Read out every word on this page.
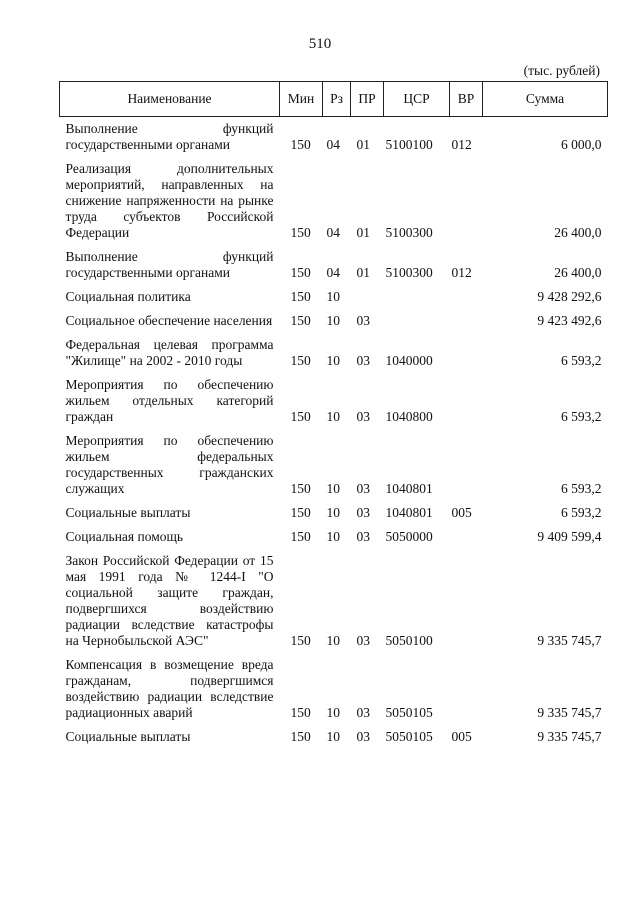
510
(тыс. рублей)
Наименование	Мин	Рз	ПР	ЦСР	ВР	Сумма
Выполнение функций государственными органами	150	04	01	5100100	012	6 000,0
Реализация дополнительных мероприятий, направленных на снижение напряженности на рынке труда субъектов Российской Федерации	150	04	01	5100300		26 400,0
Выполнение функций государственными органами	150	04	01	5100300	012	26 400,0
Социальная политика	150	10				9 428 292,6
Социальное обеспечение населения	150	10	03			9 423 492,6
Федеральная целевая программа "Жилище" на 2002 - 2010 годы	150	10	03	1040000		6 593,2
Мероприятия по обеспечению жильем отдельных категорий граждан	150	10	03	1040800		6 593,2
Мероприятия по обеспечению жильем федеральных государственных гражданских служащих	150	10	03	1040801		6 593,2
Социальные выплаты	150	10	03	1040801	005	6 593,2
Социальная помощь	150	10	03	5050000		9 409 599,4
Закон Российской Федерации от 15 мая 1991 года № 1244-I "О социальной защите граждан, подвергшихся воздействию радиации вследствие катастрофы на Чернобыльской АЭС"	150	10	03	5050100		9 335 745,7
Компенсация в возмещение вреда гражданам, подвергшимся воздействию радиации вследствие радиационных аварий	150	10	03	5050105		9 335 745,7
Социальные выплаты	150	10	03	5050105	005	9 335 745,7
